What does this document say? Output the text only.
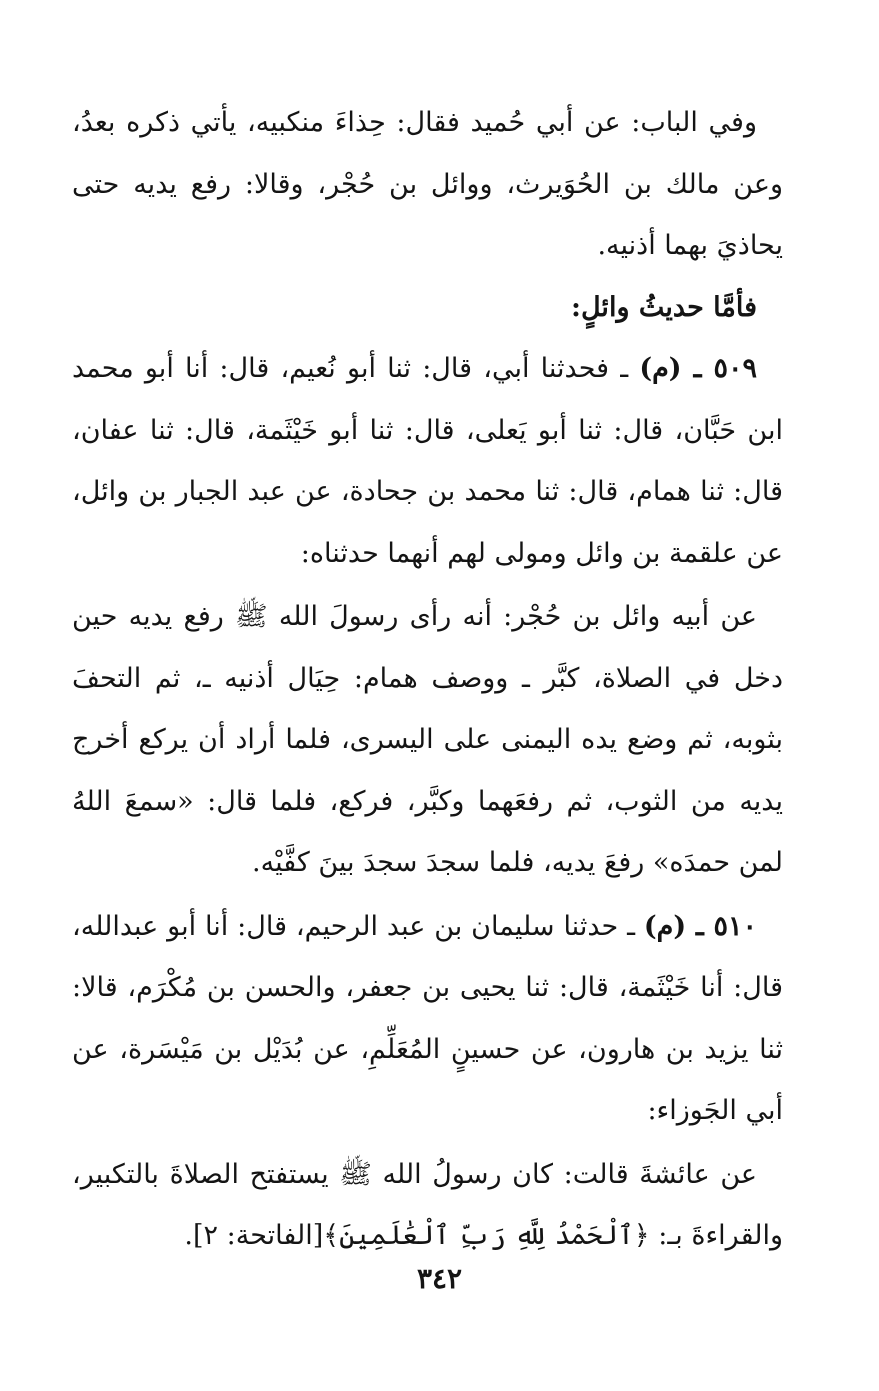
وفي الباب: عن أبي حُميد فقال: حِذاءَ منكبيه، يأتي ذكره بعدُ، وعن مالك بن الحُوَيرث، ووائل بن حُجْر، وقالا: رفع يديه حتى يحاذيَ بهما أذنيه.

فأمَّا حديثُ وائلٍ:

٥٠٩ ـ (م) ـ فحدثنا أبي، قال: ثنا أبو نُعيم، قال: أنا أبو محمد ابن حَبَّان، قال: ثنا أبو يَعلى، قال: ثنا أبو خَيْثَمة، قال: ثنا عفان، قال: ثنا همام، قال: ثنا محمد بن جحادة، عن عبد الجبار بن وائل، عن علقمة بن وائل ومولى لهم أنهما حدثناه:

عن أبيه وائل بن حُجْر: أنه رأى رسولَ الله ﷺ رفع يديه حين دخل في الصلاة، كبَّر ـ ووصف همام: حِيَال أذنيه ـ، ثم التحفَ بثوبه، ثم وضع يده اليمنى على اليسرى، فلما أراد أن يركع أخرج يديه من الثوب، ثم رفعَهما وكبَّر، فركع، فلما قال: «سمعَ اللهُ لمن حمدَه» رفعَ يديه، فلما سجدَ سجدَ بينَ كفَّيْه.

٥١٠ ـ (م) ـ حدثنا سليمان بن عبد الرحيم، قال: أنا أبو عبدالله، قال: أنا خَيْثَمة، قال: ثنا يحيى بن جعفر، والحسن بن مُكْرَم، قالا: ثنا يزيد بن هارون، عن حسينٍ المُعَلِّمِ، عن بُدَيْل بن مَيْسَرة، عن أبي الجَوزاء:

عن عائشةَ قالت: كان رسولُ الله ﷺ يستفتح الصلاةَ بالتكبير، والقراءةَ بـ: ﴿ٱلْحَمْدُ لِلَّهِ رَبِّ ٱلْعَٰلَمِينَ﴾[الفاتحة: ٢].

٣٤٢
